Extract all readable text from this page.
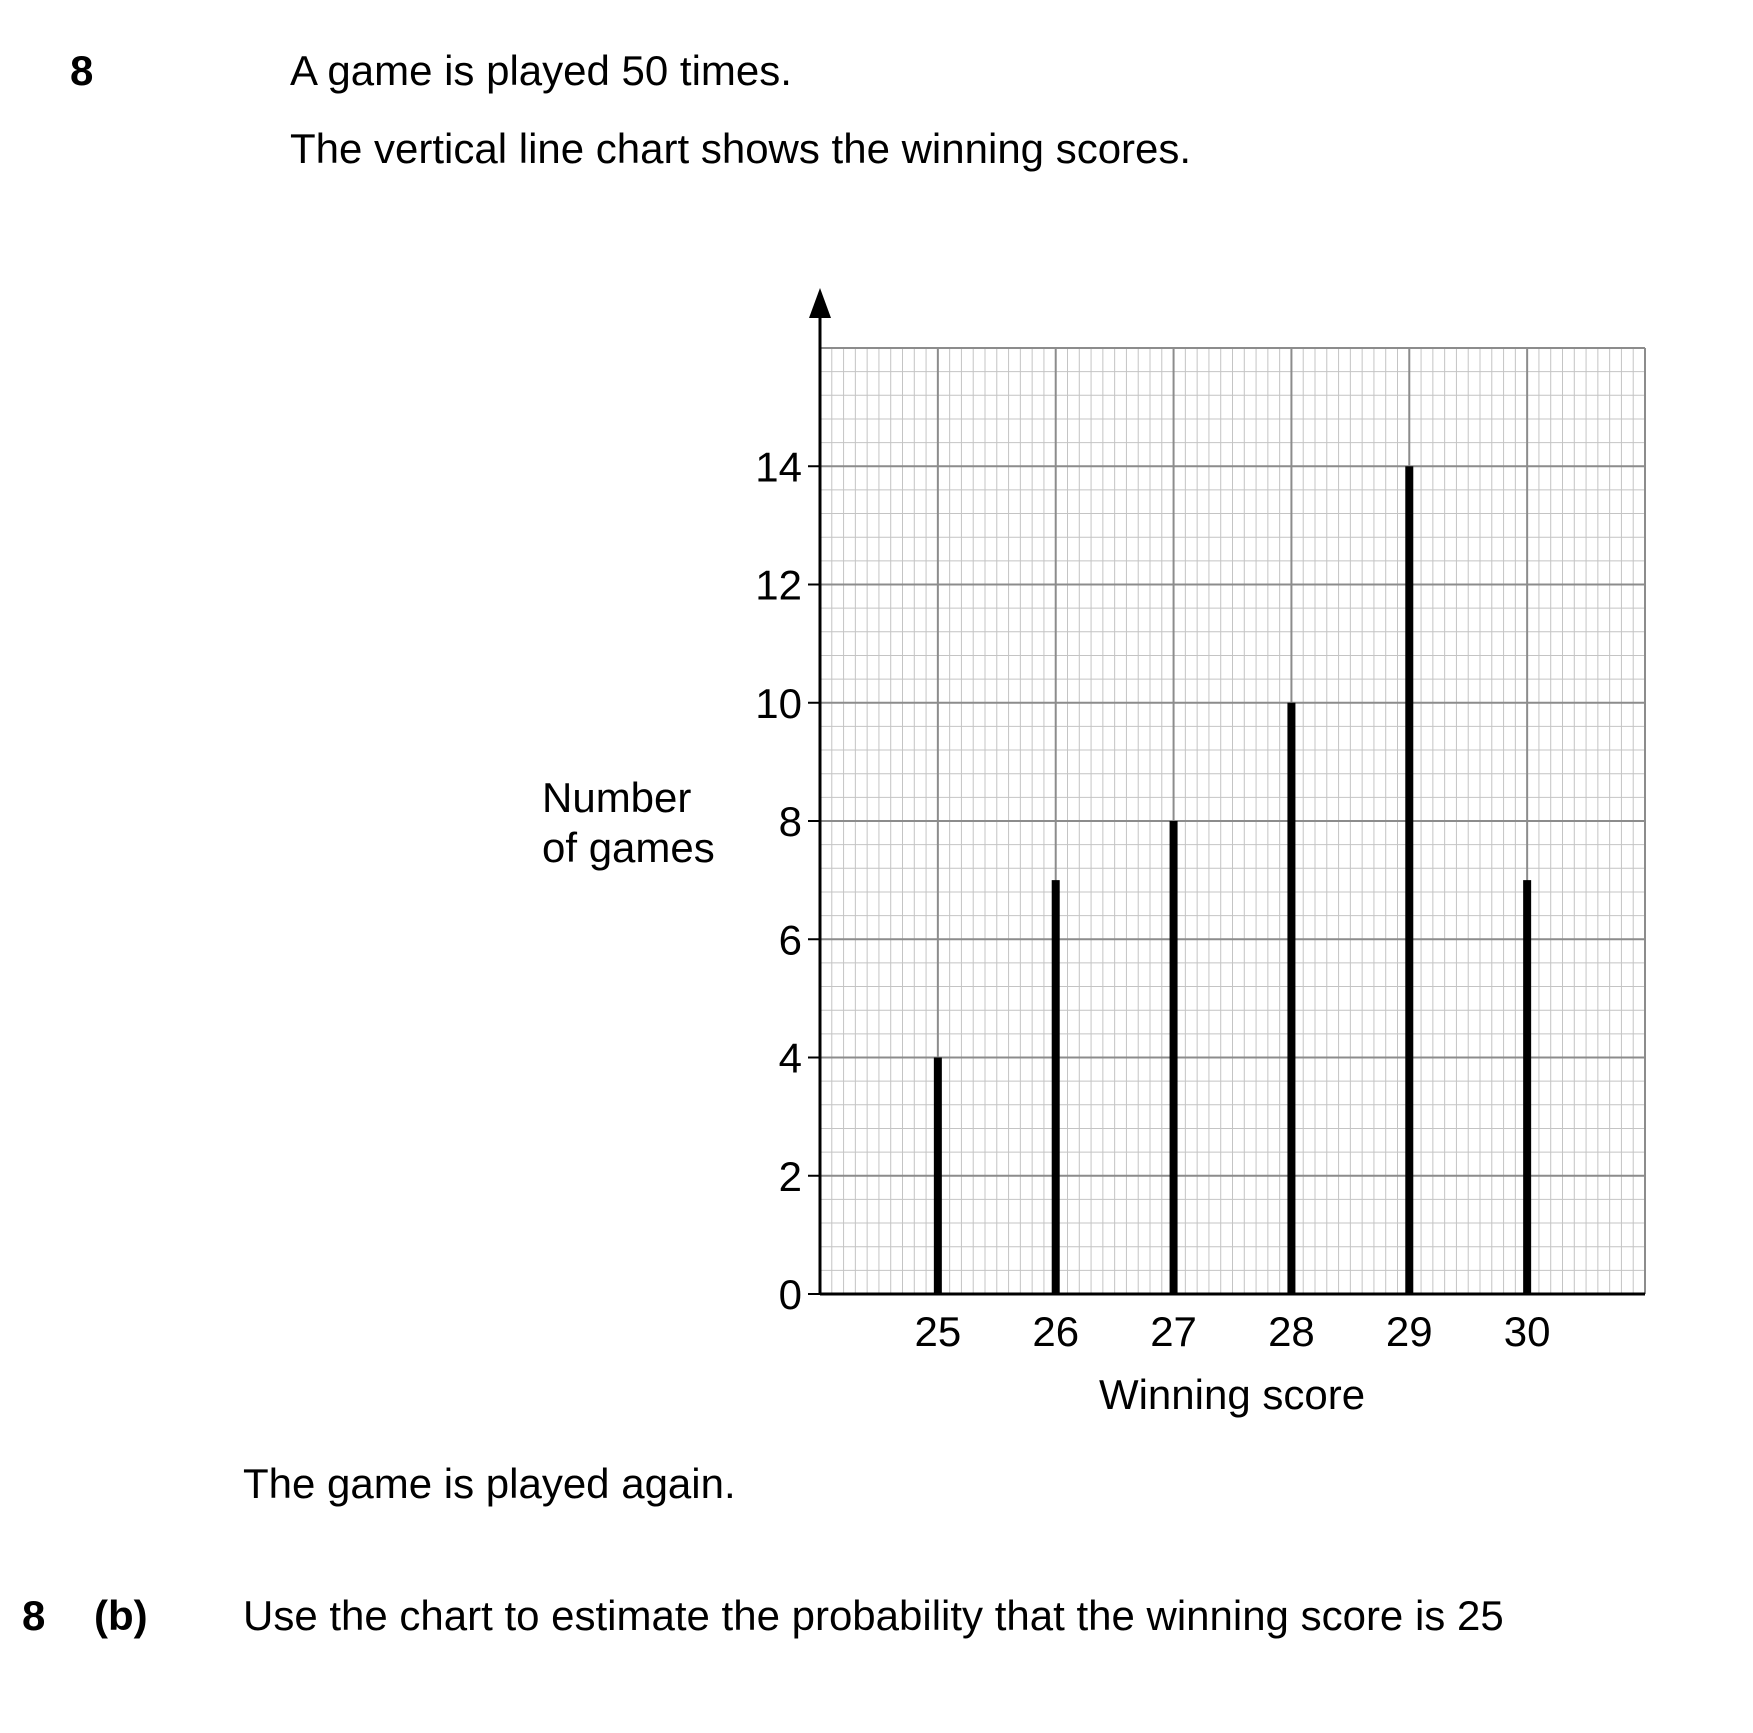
8	A game is played 50 times.
The vertical line chart shows the winning scores.
0
2
4
6
8
10
12
14
25 26 27 28 29 30
Number
of games
Winning score
The game is played again.
8 (b) Use the chart to estimate the probability that the winning score is 25
